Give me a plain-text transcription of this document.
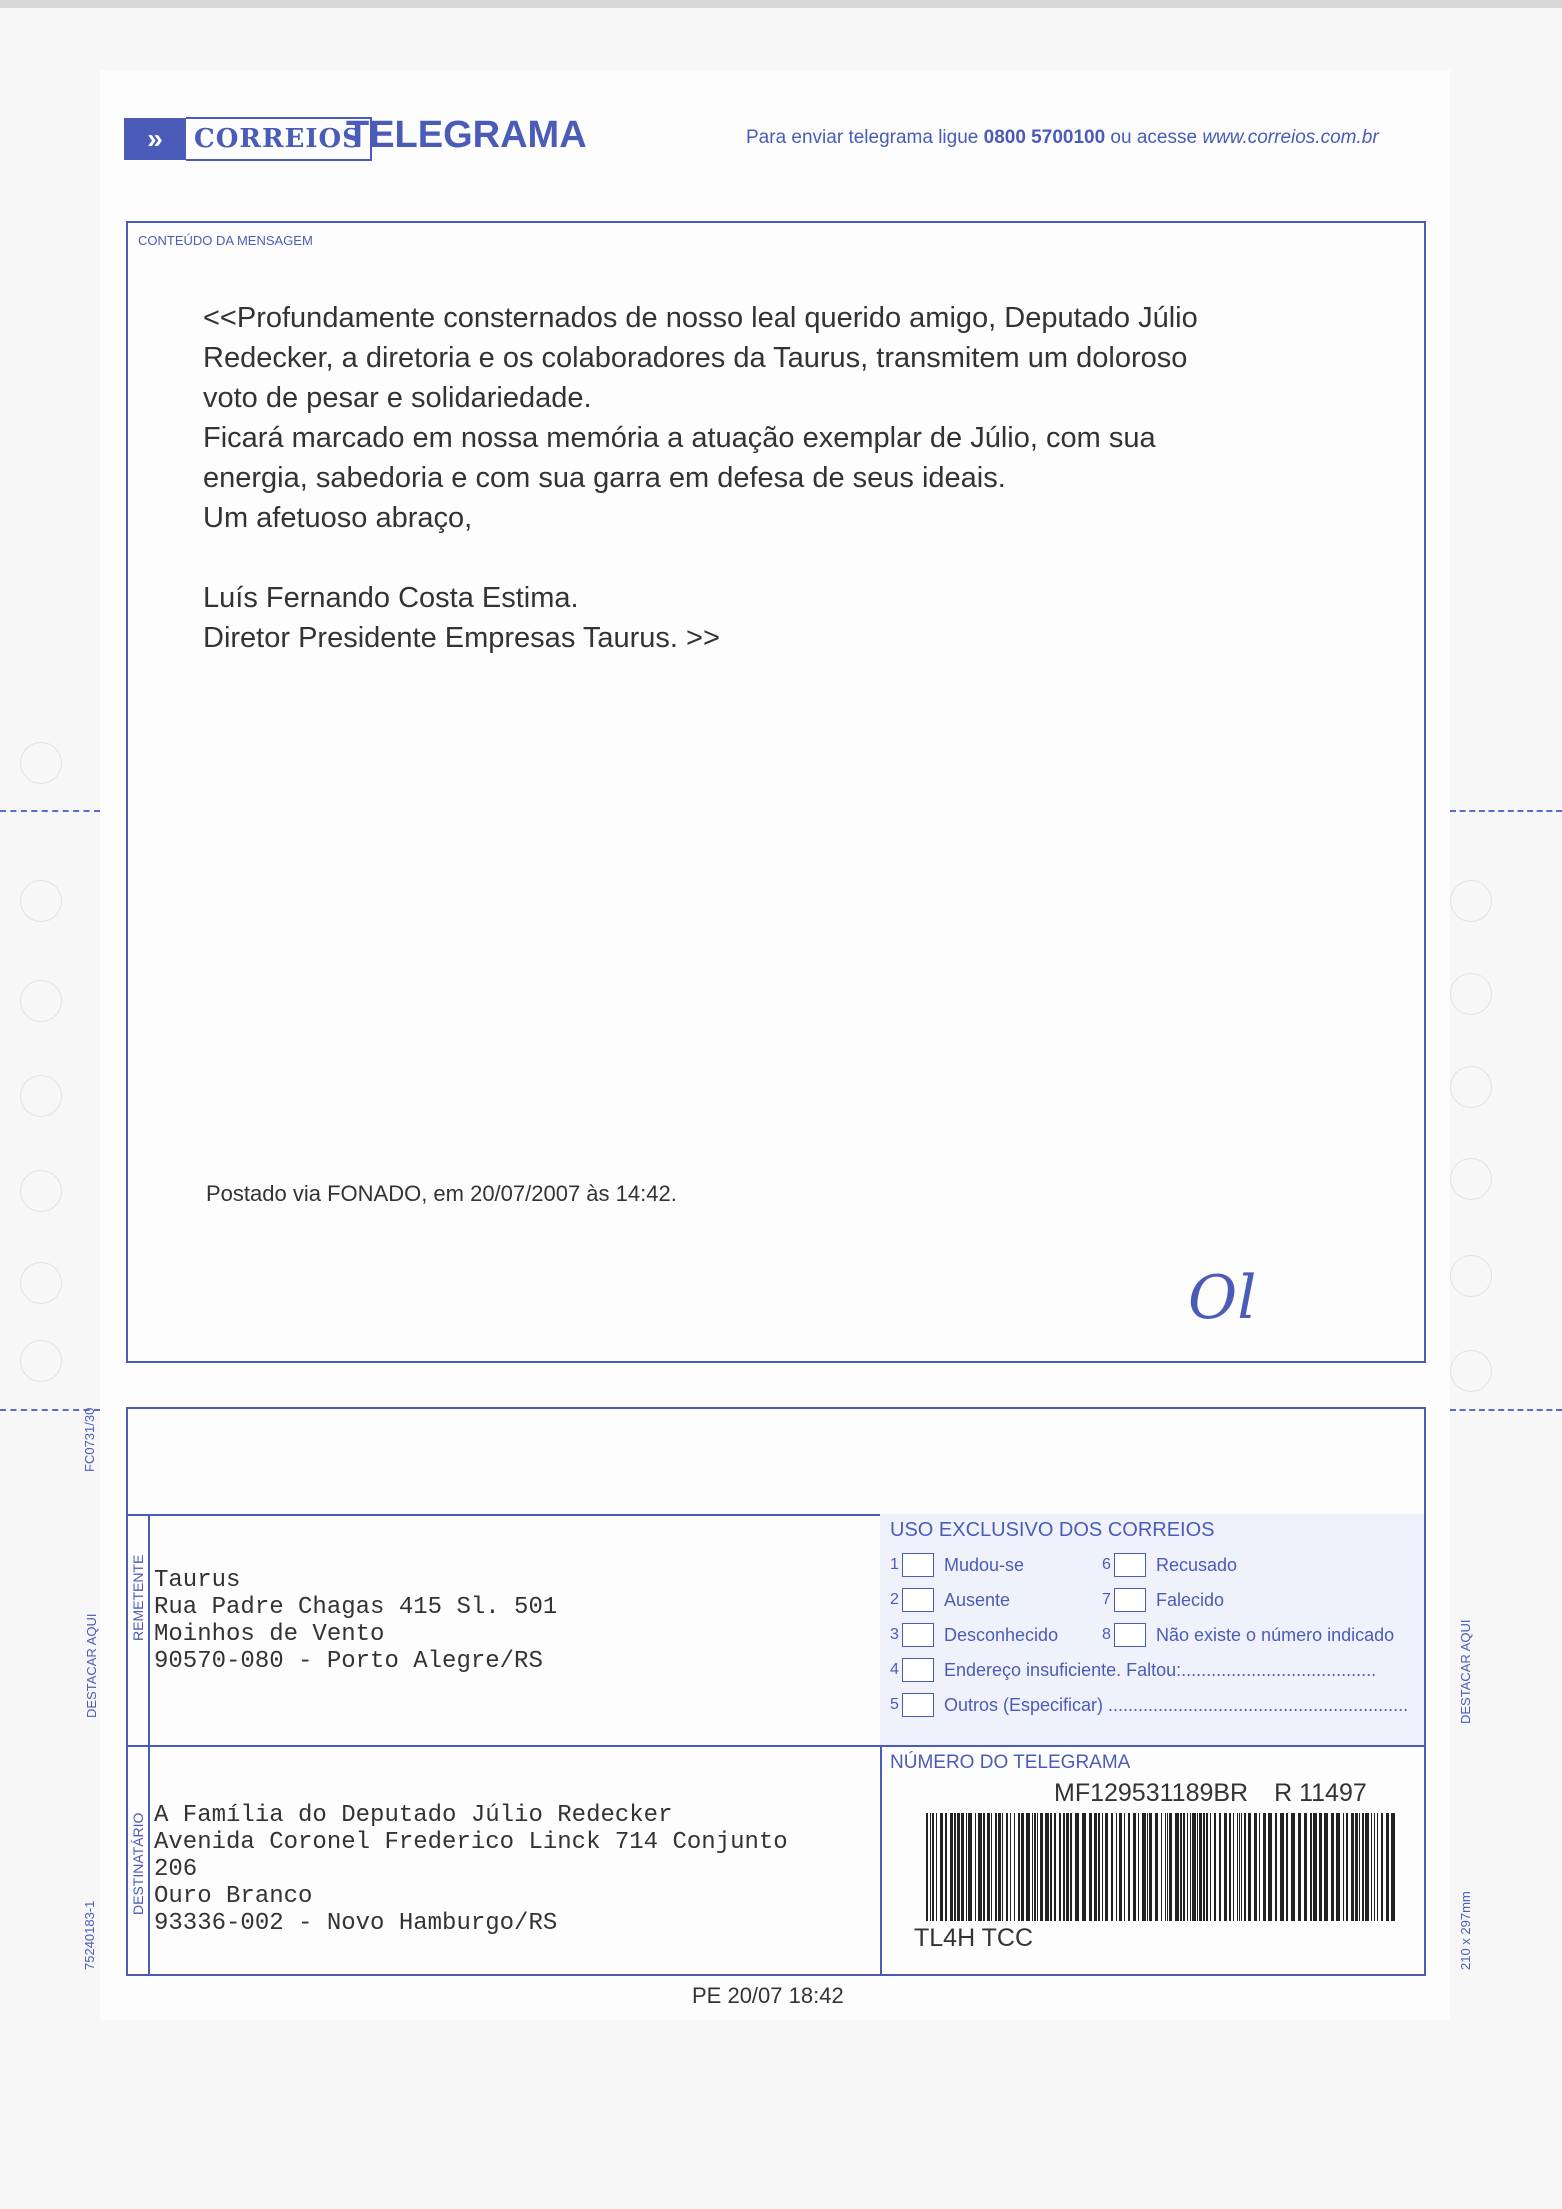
»	CORREIOS
TELEGRAMA	Para enviar telegrama ligue 0800 5700100 ou acesse www.correios.com.br
CONTEÚDO DA MENSAGEM
<<Profundamente consternados de nosso leal querido amigo, Deputado Júlio
Redecker, a diretoria e os colaboradores da Taurus, transmitem um doloroso
voto de pesar e solidariedade.
Ficará marcado em nossa memória a atuação exemplar de Júlio, com sua
energia, sabedoria e com sua garra em defesa de seus ideais.
Um afetuoso abraço,
Luís Fernando Costa Estima.
Diretor Presidente Empresas Taurus. >>
Postado via FONADO, em 20/07/2007 às 14:42.
Ol
REMETENTE Taurus
Rua Padre Chagas 415 Sl. 501
Moinhos de Vento
90570-080 - Porto Alegre/RS
DESTINATÁRIO A Família do Deputado Júlio Redecker
Avenida Coronel Frederico Linck 714 Conjunto
206
Ouro Branco
93336-002 - Novo Hamburgo/RS
USO EXCLUSIVO DOS CORREIOS
1	Mudou-se
2	Ausente
3	Desconhecido
4	Endereço insuficiente. Faltou:.......................................
5	Outros (Especificar) ............................................................
6	Recusado
7	Falecido
8	Não existe o número indicado
NÚMERO DO TELEGRAMA
MF129531189BR R 11497
TL4H TCC
PE 20/07 18:42
FC0731/30
DESTACAR AQUI	DESTACAR AQUI
75240183-1	210 x 297mm
